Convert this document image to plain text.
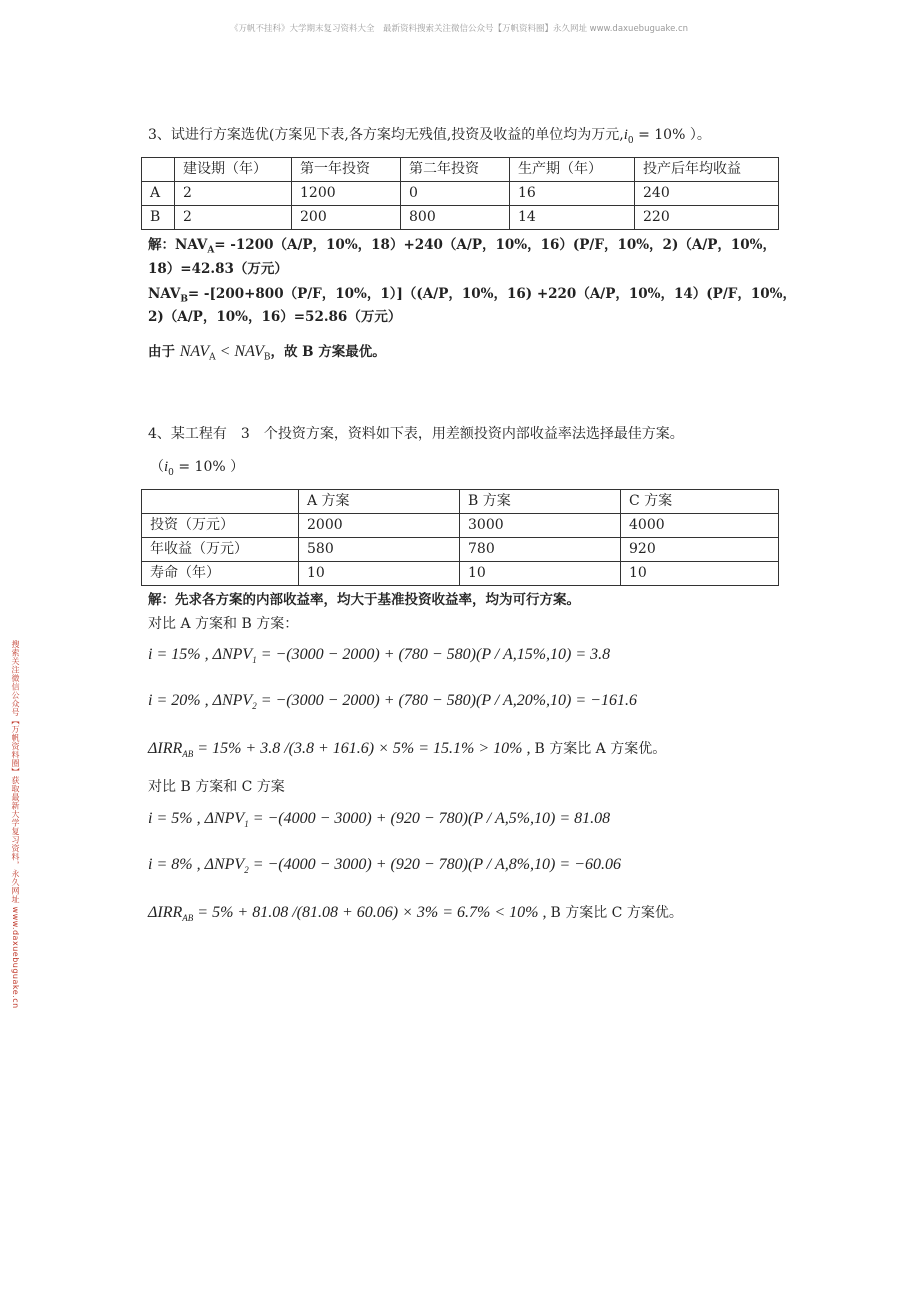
《万帆不挂科》大学期末复习资料大全　最新资料搜索关注微信公众号【万帆资料圈】永久网址 www.daxuebuguake.cn
搜索关注微信公众号【万帆资料圈】获取最新大学复习资料，永久网址 www.daxuebuguake.cn
3、试进行方案选优(方案见下表,各方案均无残值,投资及收益的单位均为万元$,i_0 = 10\%$ ）。
	建设期（年）	第一年投资	第二年投资	生产期（年）	投产后年均收益
A	2	1200	0	16	240
B	2	200	800	14	220
解：$NAV_A= -1200(A/P$，10%，18）+240（A/P，10%，16）(P/F，10%，2)（A/P，10%，
18）=42.83（万元）
$NAV_B= -[200+800(P/F$，10%，1）]（(A/P，10%，16) +220（A/P，10%，14）(P/F，10%，
2)（A/P，10%，16）=52.86（万元）
由于 $NAV_A < NAV_B$，故 B 方案最优。
4、某工程有　3　个投资方案，资料如下表，用差额投资内部收益率法选择最佳方案。
（$i_0 = 10\%$ ）
	A 方案	B 方案	C 方案
投资（万元）	2000	3000	4000
年收益（万元）	580	780	920
寿命（年）	10	10	10
解：先求各方案的内部收益率，均大于基准投资收益率，均为可行方案。
对比 A 方案和 B 方案：
i = 15% , $\Delta NPV_1 = -(3000 - 2000) + (780 - 580)(P / A,15\%,10) = 3.8$
i = 20% , $\Delta NPV_2 = -(3000 - 2000) + (780 - 580)(P / A,20\%,10) = -161.6$
$\Delta IRR_{AB} = 15\% + 3.8$ /(3.8 + 161.6) × 5% = 15.1% > 10% , B 方案比 A 方案优。
对比 B 方案和 C 方案
i = 5% , $\Delta NPV_1 = -(4000 - 3000) + (920 - 780)(P / A,5\%,10) = 81.08$
i = 8% , $\Delta NPV_2 = -(4000 - 3000) + (920 - 780)(P / A,8\%,10) = -60.06$
$\Delta IRR_{AB} = 5\% + 81.08$ /(81.08 + 60.06) × 3% = 6.7% < 10% , B 方案比 C 方案优。
